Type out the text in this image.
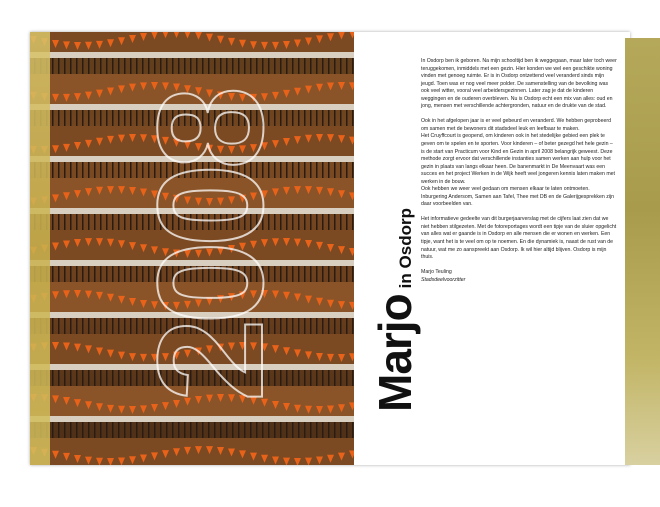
2008 Marjoin Osdorp

In Osdorp ben ik geboren. Na mijn schooltijd ben ik weggegaan, maar later toch weer teruggekomen, inmiddels met een gezin. Hier konden we wel een geschikte woning vinden met genoeg ruimte. Er is in Osdorp ontzettend veel veranderd sinds mijn jeugd. Toen was er nog veel meer polder. De samenstelling van de bevolking was ook veel witter, vooral veel arbeidersgezinnen. Later zag je dat de kinderen weggingen en de ouderen overbleven. Nu is Osdorp echt een mix van alles: oud en jong, mensen met verschillende achtergronden, natuur en de drukte van de stad.

Ook in het afgelopen jaar is er veel gebeurd en veranderd. We hebben geprobeerd om samen met de bewoners dit stadsdeel leuk en leefbaar te maken.

Het Cruyffcourt is geopend, om kinderen ook in het stedelijke gebied een plek te geven om te spelen en te sporten. Voor kinderen – of beter gezegd het hele gezin – is de start van Practicum voor Kind en Gezin in april 2008 belangrijk geweest. Deze methode zorgt ervoor dat verschillende instanties samen werken aan hulp voor het gezin in plaats van langs elkaar heen. De banenmarkt in De Meenvaart was een succes en het project Werken in de Wijk heeft veel jongeren kennis laten maken met werken in de bouw.

Ook hebben we weer veel gedaan om mensen elkaar te laten ontmoeten. Inburgering Andersom, Samen aan Tafel, Thee met DB en de Galerijgesprekken zijn daar voorbeelden van.

Het informatieve gedeelte van dit burgerjaarverslag met de cijfers laat zien dat we niet hebben stilgezeten. Met de fotoreportages wordt een tipje van de sluier opgelicht van alles wat er gaande is in Osdorp en alle mensen die er wonen en werken. Een tipje, want het is te veel om op te noemen. En die dynamiek is, naast de rust van de natuur, wat me zo aanspreekt aan Osdorp. Ik wil hier altijd blijven. Osdorp is mijn thuis.

Marjo Teuling

Stadsdeelvoorzitter
